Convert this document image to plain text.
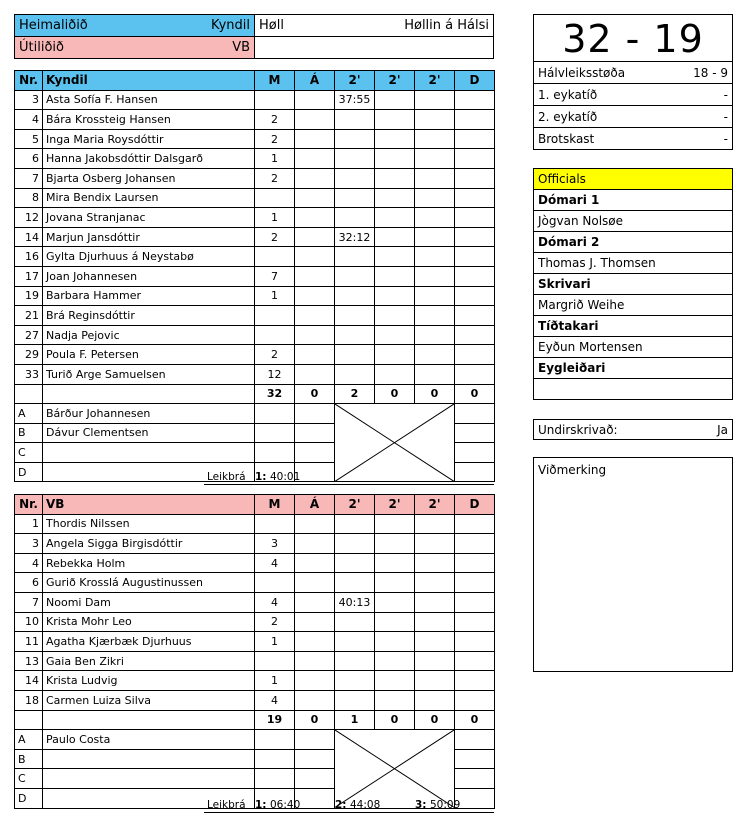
Heimaliðið Kyndil	Høll Høllin á Hálsi

Útiliðið VB	

Nr.	Kyndil	M	Á	2'	2'	2'	D
3	Asta Sofía F. Hansen			37:55			
4	Bára Krossteig Hansen	2					
5	Inga Maria Roysdóttir	2					
6	Hanna Jakobsdóttir Dalsgarð	1					
7	Bjarta Osberg Johansen	2					
8	Mira Bendix Laursen						
12	Jovana Stranjanac	1					
14	Marjun Jansdóttir	2		32:12			
16	Gylta Djurhuus á Neystabø						
17	Joan Johannesen	7					
19	Barbara Hammer	1					
21	Brá Reginsdóttir						
27	Nadja Pejovic						
29	Poula F. Petersen	2					
33	Turið Arge Samuelsen	12					
		32	0	2	0	0	0
A	Bárður Johannesen			

B	Dávur Clementsen						
C							
D								Leikbrá 1: 40:01
Nr.	VB	M	Á	2'	2'	2'	D
1	Thordis Nilssen						
3	Angela Sigga Birgisdóttir	3					
4	Rebekka Holm	4					
6	Gurið Krosslá Augustinussen						
7	Noomi Dam	4		40:13			
10	Krista Mohr Leo	2					
11	Agatha Kjærbæk Djurhuus	1					
13	Gaia Ben Zikri						
14	Krista Ludvig	1					
18	Carmen Luiza Silva	4					
		19	0	1	0	0	0
A	Paulo Costa			

B							
C							
D							
Leikbrá 1: 06:40	2: 44:08	3: 50:09
32 - 19
Hálvleiksstøða	18 - 9

1. eykatíð	-

2. eykatíð	-

Brotskast	-
Officials
Dómari 1
Jògvan Nolsøe
Dómari 2
Thomas J. Thomsen
Skrivari
Margrið Weihe
Tíðtakari
Eyðun Mortensen
Eygleiðari

Undirskrivað:	Ja
Viðmerking
